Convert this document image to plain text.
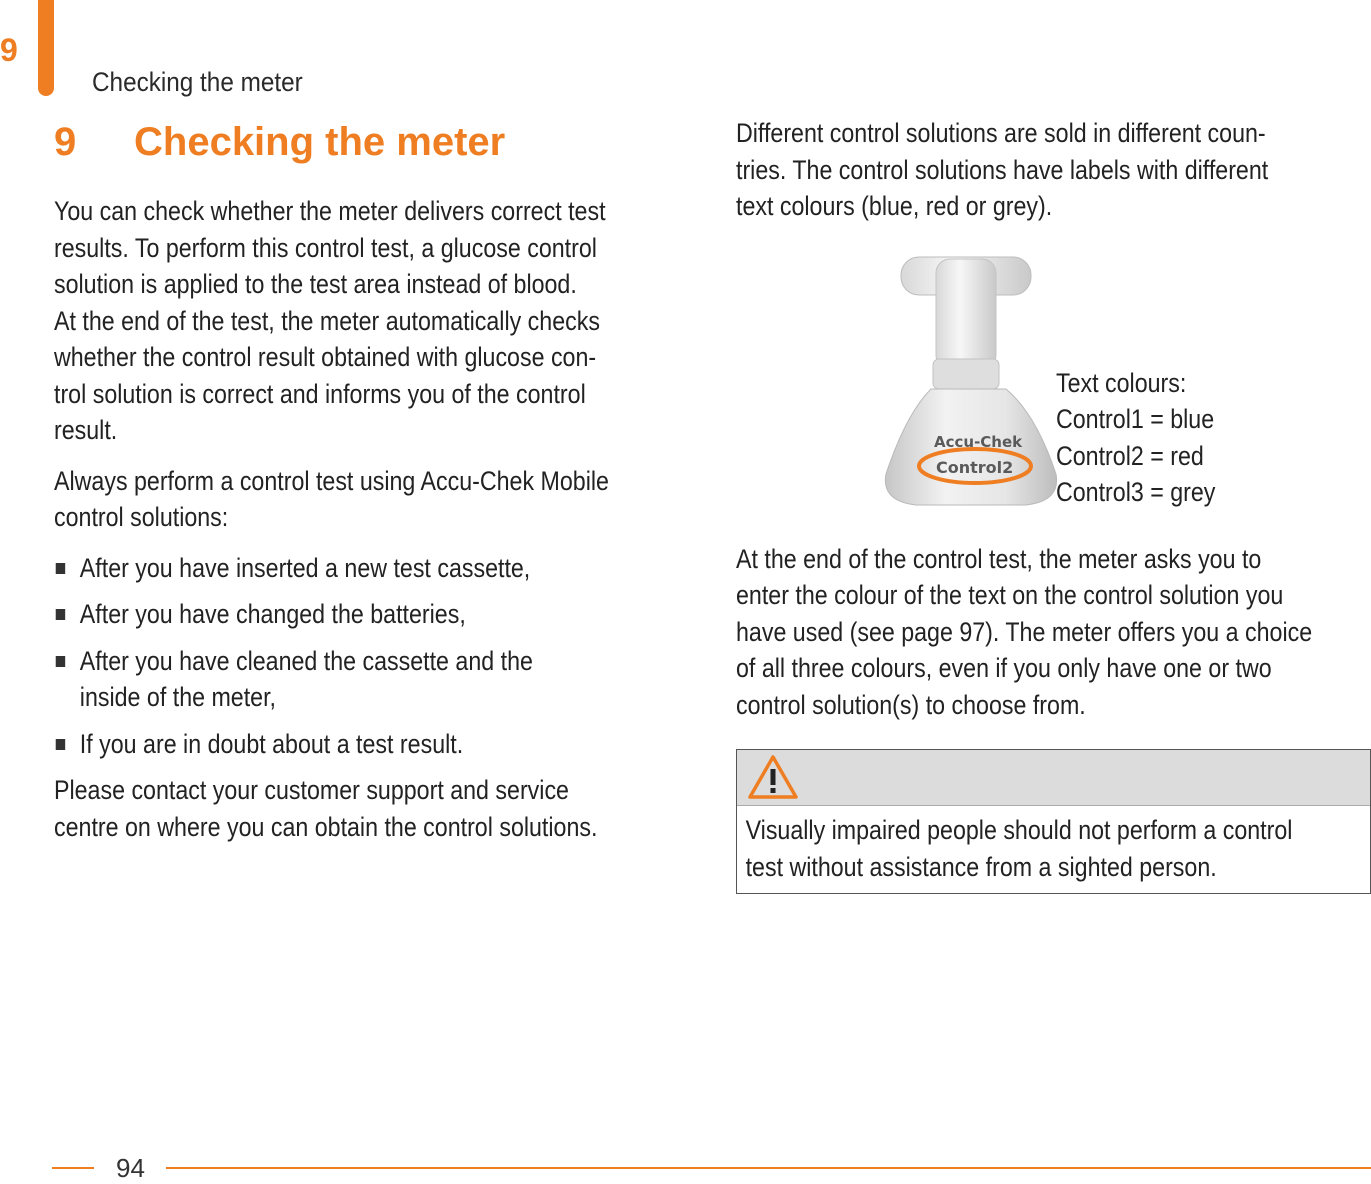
9
Checking the meter
9	Checking the meter

You can check whether the meter delivers correct test
results. To perform this control test, a glucose control
solution is applied to the test area instead of blood.
At the end of the test, the meter automatically checks
whether the control result obtained with glucose con-
trol solution is correct and informs you of the control
result.

Always perform a control test using Accu-Chek Mobile
control solutions:

After you have inserted a new test cassette,
After you have changed the batteries,
After you have cleaned the cassette and the inside of the meter,
If you are in doubt about a test result.

Please contact your customer support and service
centre on where you can obtain the control solutions.

Different control solutions are sold in different coun-
tries. The control solutions have labels with different
text colours (blue, red or grey).

Accu-Chek
Control2
Text colours:
Control1 = blue
Control2 = red
Control3 = grey

At the end of the control test, the meter asks you to
enter the colour of the text on the control solution you
have used (see page 97). The meter offers you a choice
of all three colours, even if you only have one or two
control solution(s) to choose from.

Visually impaired people should not perform a control
test without assistance from a sighted person.
94
